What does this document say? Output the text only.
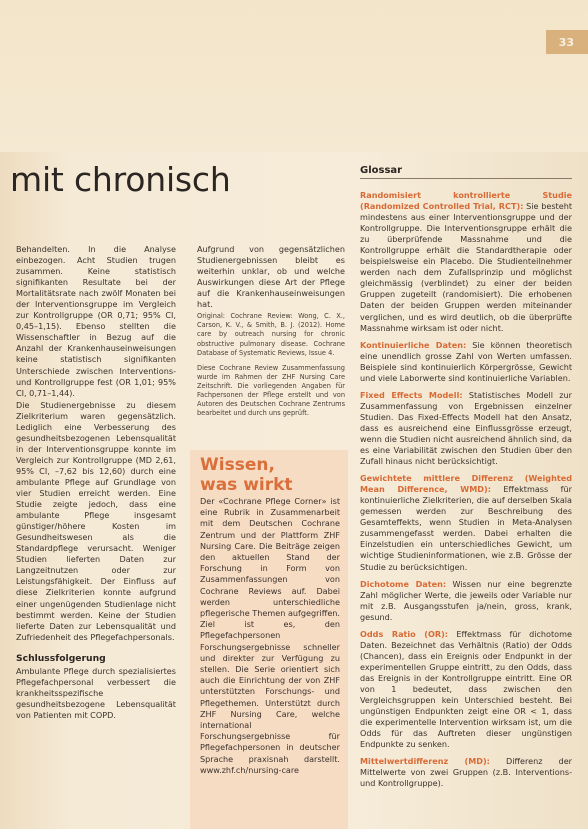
33
mit chronisch

Behandelten. In die Analyse einbezogen. Acht Studien trugen zusammen. Keine statistisch signifikanten Resultate bei der Mortalitätsrate nach zwölf Monaten bei der Interventionsgruppe im Vergleich zur Kontrollgruppe (OR 0,71; 95% CI, 0,45–1,15). Ebenso stellten die Wissenschaftler in Bezug auf die Anzahl der Krankenhauseinweisungen keine statistisch signifikanten Unterschiede zwischen Interventions- und Kontrollgruppe fest (OR 1,01; 95% CI, 0,71–1,44).

Die Studienergebnisse zu diesem Zielkriterium waren gegensätzlich. Lediglich eine Verbesserung des gesundheitsbezogenen Lebensqualität in der Interventionsgruppe konnte im Vergleich zur Kontrollgruppe (MD 2,61, 95% CI, –7,62 bis 12,60) durch eine ambulante Pflege auf Grundlage von vier Studien erreicht werden. Eine Studie zeigte jedoch, dass eine ambulante Pflege insgesamt günstiger/höhere Kosten im Gesundheitswesen als die Standardpflege verursacht. Weniger Studien lieferten Daten zur Langzeitnutzen oder zur Leistungsfähigkeit. Der Einfluss auf diese Zielkriterien konnte aufgrund einer ungenügenden Studienlage nicht bestimmt werden. Keine der Studien lieferte Daten zur Lebensqualität und Zufriedenheit des Pflegefachpersonals.

Schlussfolgerung

Ambulante Pflege durch spezialisiertes Pflegefachpersonal verbessert die krankheitsspezifische gesundheitsbezogene Lebensqualität von Patienten mit COPD.

Aufgrund von gegensätzlichen Studienergebnissen bleibt es weiterhin unklar, ob und welche Auswirkungen diese Art der Pflege auf die Krankenhauseinweisungen hat.

Original: Cochrane Review: Wong, C. X., Carson, K. V., & Smith, B. J. (2012). Home care by outreach nursing for chronic obstructive pulmonary disease. Cochrane Database of Systematic Reviews, Issue 4.
Diese Cochrane Review Zusammenfassung wurde im Rahmen der ZHF Nursing Care Zeitschrift. Die vorliegenden Angaben für Fachpersonen der Pflege erstellt und von Autoren des Deutschen Cochrane Zentrums bearbeitet und durch uns geprüft.
Wissen,
was wirkt
Der «Cochrane Pflege Corner» ist eine Rubrik in Zusammenarbeit mit dem Deutschen Cochrane Zentrum und der Plattform ZHF Nursing Care. Die Beiträge zeigen den aktuellen Stand der Forschung in Form von Zusammenfassungen von Cochrane Reviews auf. Dabei werden unterschiedliche pflegerische Themen aufgegriffen. Ziel ist es, den Pflegefachpersonen Forschungsergebnisse schneller und direkter zur Verfügung zu stellen. Die Serie orientiert sich auch die Einrichtung der von ZHF unterstützten Forschungs- und Pflegethemen. Unterstützt durch ZHF Nursing Care, welche international Forschungsergebnisse für Pflegefachpersonen in deutscher Sprache praxisnah darstellt. www.zhf.ch/nursing-care
Glossar
Randomisiert kontrollierte Studie (Randomized Controlled Trial, RCT): Sie besteht mindestens aus einer Interventionsgruppe und der Kontrollgruppe. Die Interventionsgruppe erhält die zu überprüfende Massnahme und die Kontrollgruppe erhält die Standardtherapie oder beispielsweise ein Placebo. Die Studienteilnehmer werden nach dem Zufallsprinzip und möglichst gleichmässig (verblindet) zu einer der beiden Gruppen zugeteilt (randomisiert). Die erhobenen Daten der beiden Gruppen werden miteinander verglichen, und es wird deutlich, ob die überprüfte Massnahme wirksam ist oder nicht.
Kontinuierliche Daten: Sie können theoretisch eine unendlich grosse Zahl von Werten umfassen. Beispiele sind kontinuierlich Körpergrösse, Gewicht und viele Laborwerte sind kontinuierliche Variablen.
Fixed Effects Modell: Statistisches Modell zur Zusammenfassung von Ergebnissen einzelner Studien. Das Fixed-Effects Modell hat den Ansatz, dass es ausreichend eine Einflussgrösse erzeugt, wenn die Studien nicht ausreichend ähnlich sind, da es eine Variabilität zwischen den Studien über den Zufall hinaus nicht berücksichtigt.
Gewichtete mittlere Differenz (Weighted Mean Difference, WMD): Effektmass für kontinuierliche Zielkriterien, die auf derselben Skala gemessen werden zur Beschreibung des Gesamteffekts, wenn Studien in Meta-Analysen zusammengefasst werden. Dabei erhalten die Einzelstudien ein unterschiedliches Gewicht, um wichtige Studieninformationen, wie z.B. Grösse der Studie zu berücksichtigen.
Dichotome Daten: Wissen nur eine begrenzte Zahl möglicher Werte, die jeweils oder Variable nur mit z.B. Ausgangsstufen ja/nein, gross, krank, gesund.
Odds Ratio (OR): Effektmass für dichotome Daten. Bezeichnet das Verhältnis (Ratio) der Odds (Chancen), dass ein Ereignis oder Endpunkt in der experimentellen Gruppe eintritt, zu den Odds, dass das Ereignis in der Kontrollgruppe eintritt. Eine OR von 1 bedeutet, dass zwischen den Vergleichsgruppen kein Unterschied besteht. Bei ungünstigen Endpunkten zeigt eine OR < 1, dass die experimentelle Intervention wirksam ist, um die Odds für das Auftreten dieser ungünstigen Endpunkte zu senken.
Mittelwertdifferenz (MD): Differenz der Mittelwerte von zwei Gruppen (z.B. Interventions- und Kontrollgruppe).
